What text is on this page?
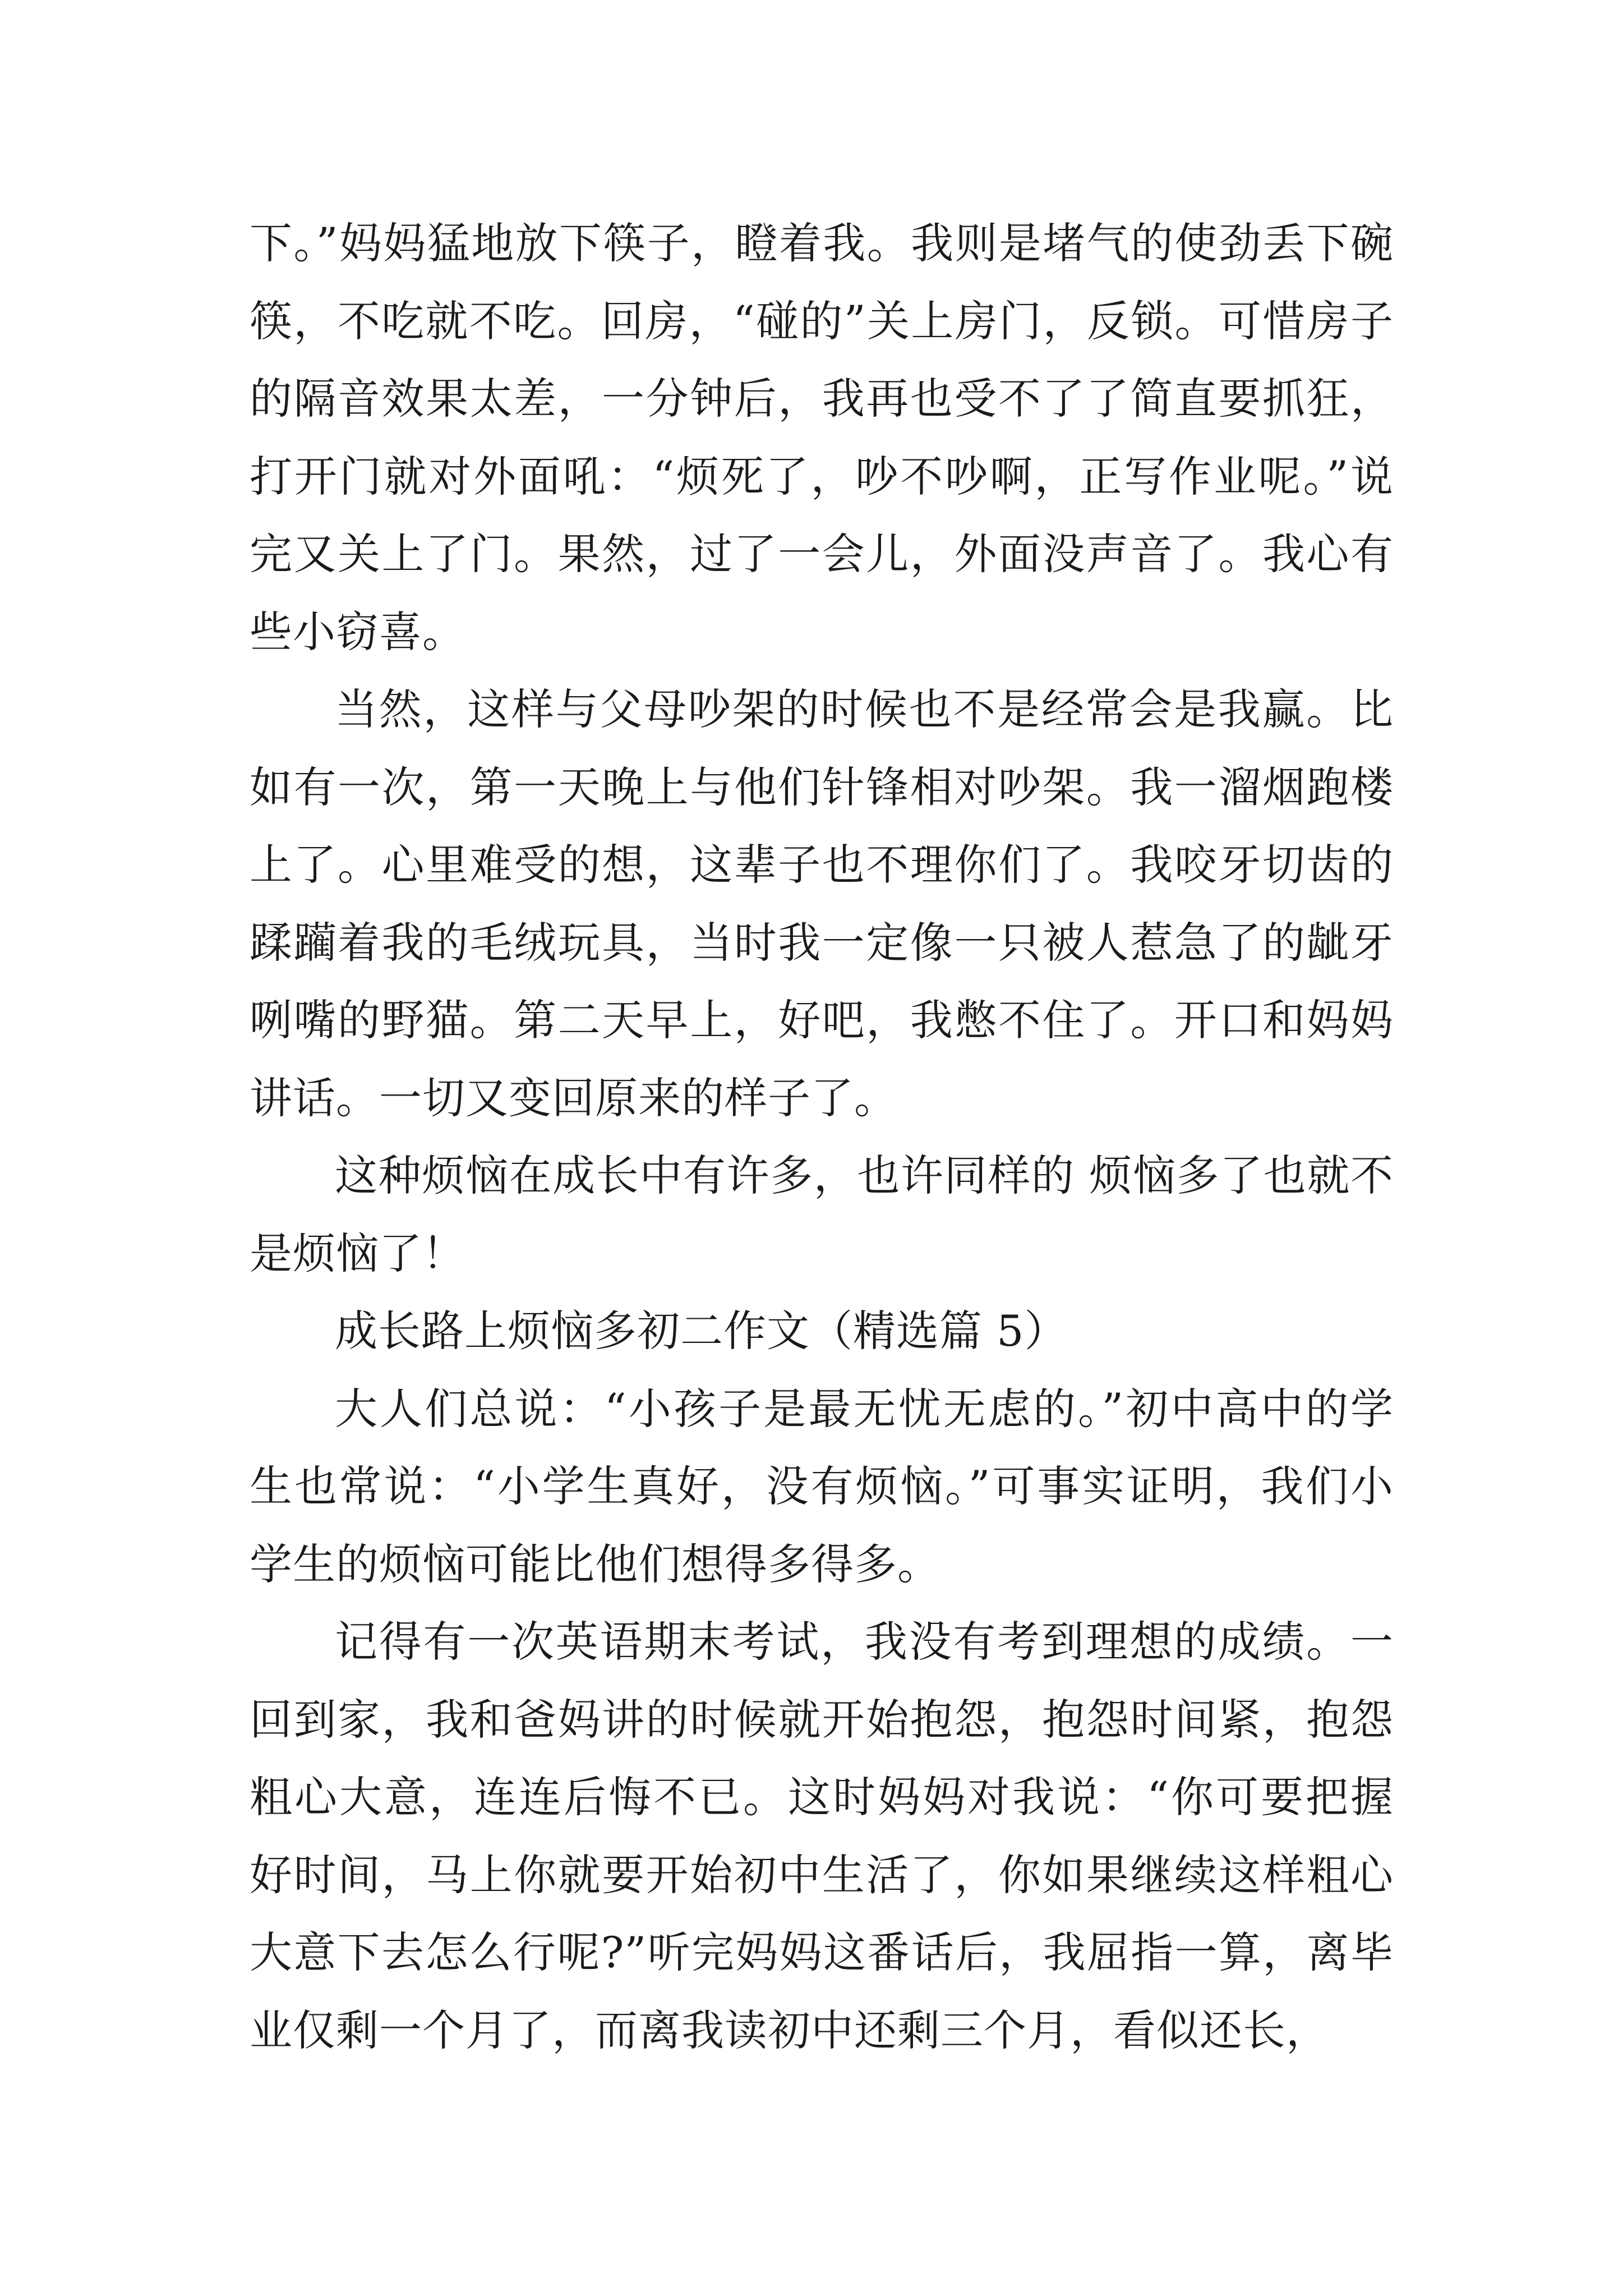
下。”妈妈猛地放下筷子，瞪着我。我则是堵气的使劲丢下碗筷，不吃就不吃。回房，“碰的”关上房门，反锁。可惜房子的隔音效果太差，一分钟后，我再也受不了了简直要抓狂，打开门就对外面吼：“烦死了，吵不吵啊，正写作业呢。”说完又关上了门。果然，过了一会儿，外面没声音了。我心有些小窃喜。

当然，这样与父母吵架的时候也不是经常会是我赢。比如有一次，第一天晚上与他们针锋相对吵架。我一溜烟跑楼上了。心里难受的想，这辈子也不理你们了。我咬牙切齿的蹂躏着我的毛绒玩具，当时我一定像一只被人惹急了的龇牙咧嘴的野猫。第二天早上，好吧，我憋不住了。开口和妈妈讲话。一切又变回原来的样子了。

这种烦恼在成长中有许多，也许同样的 烦恼多了也就不是烦恼了！

成长路上烦恼多初二作文（精选篇 5）

大人们总说：“小孩子是最无忧无虑的。”初中高中的学生也常说：“小学生真好，没有烦恼。”可事实证明，我们小学生的烦恼可能比他们想得多得多。

记得有一次英语期末考试，我没有考到理想的成绩。一回到家，我和爸妈讲的时候就开始抱怨，抱怨时间紧，抱怨粗心大意，连连后悔不已。这时妈妈对我说：“你可要把握好时间，马上你就要开始初中生活了，你如果继续这样粗心大意下去怎么行呢?”听完妈妈这番话后，我屈指一算，离毕业仅剩一个月了，而离我读初中还剩三个月，看似还长，
